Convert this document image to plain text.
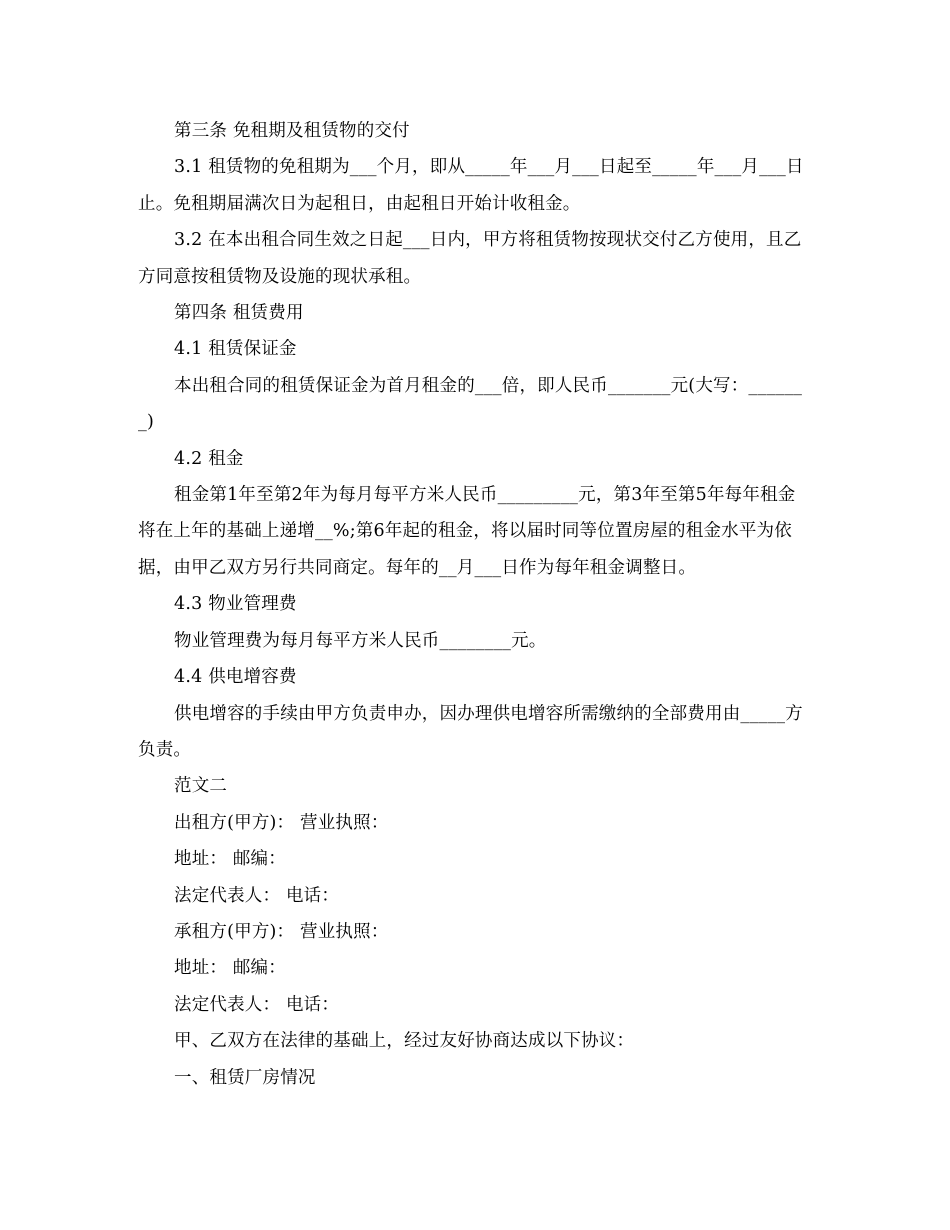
第三条 免租期及租赁物的交付

3.1 租赁物的免租期为___个月，即从_____年___月___日起至_____年___月___日止。免租期届满次日为起租日，由起租日开始计收租金。

3.2 在本出租合同生效之日起___日内，甲方将租赁物按现状交付乙方使用，且乙方同意按租赁物及设施的现状承租。

第四条 租赁费用

4.1 租赁保证金

本出租合同的租赁保证金为首月租金的___倍，即人民币_______元(大写：_______)

4.2 租金

租金第1年至第2年为每月每平方米人民币_________元，第3年至第5年每年租金将在上年的基础上递增__%;第6年起的租金，将以届时同等位置房屋的租金水平为依据，由甲乙双方另行共同商定。每年的__月___日作为每年租金调整日。

4.3 物业管理费

物业管理费为每月每平方米人民币________元。

4.4 供电增容费

供电增容的手续由甲方负责申办，因办理供电增容所需缴纳的全部费用由_____方负责。

范文二

出租方(甲方)： 营业执照：

地址： 邮编：

法定代表人： 电话：

承租方(甲方)： 营业执照：

地址： 邮编：

法定代表人： 电话：

甲、乙双方在法律的基础上，经过友好协商达成以下协议：

一、租赁厂房情况
